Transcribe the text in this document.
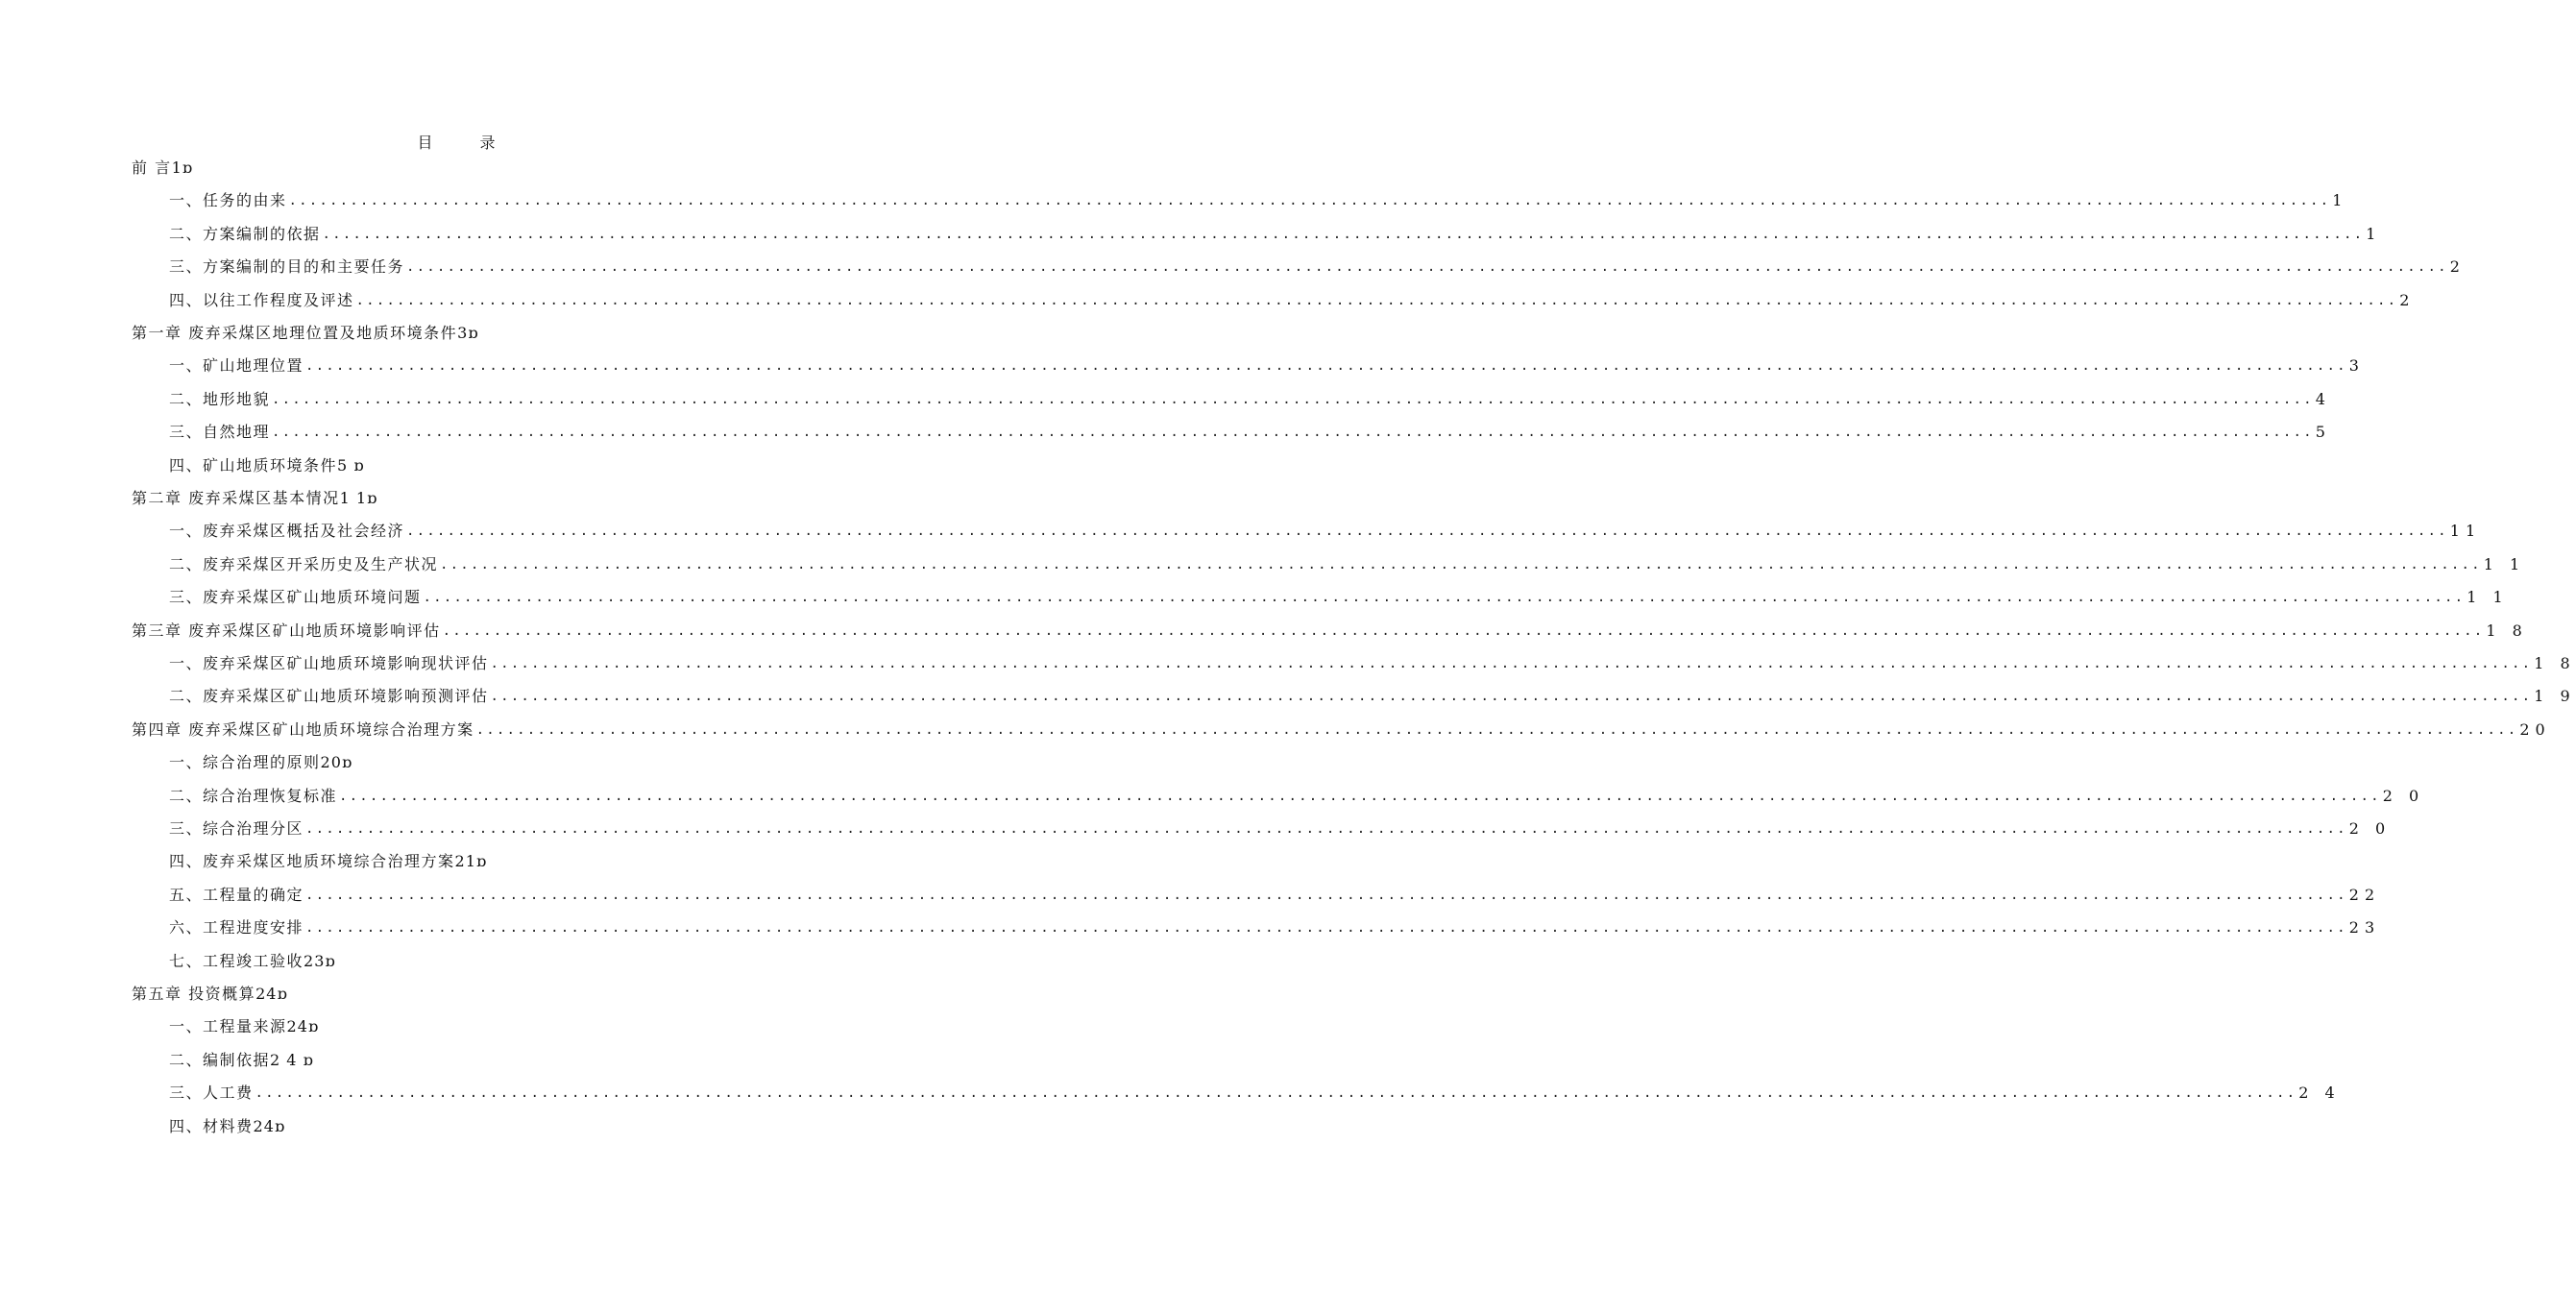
目 录
前 言 1ɒ
一、任务的由来 ........................................................................................................................................................................................................ 1
二、方案编制的依据 ........................................................................................................................................................................................................ 1
三、方案编制的目的和主要任务 ........................................................................................................................................................................................................ 2
四、以往工作程度及评述 ........................................................................................................................................................................................................ 2
第一章 废弃采煤区地理位置及地质环境条件 3ɒ
一、矿山地理位置 ........................................................................................................................................................................................................ 3
二、地形地貌 ........................................................................................................................................................................................................ 4
三、自然地理 ........................................................................................................................................................................................................ 5
四、矿山地质环境条件 5 ɒ
第二章 废弃采煤区基本情况 1 1ɒ
一、废弃采煤区概括及社会经济 ........................................................................................................................................................................................................ 11
二、废弃采煤区开采历史及生产状况 ........................................................................................................................................................................................................ 1 1
三、废弃采煤区矿山地质环境问题 ........................................................................................................................................................................................................ 1 1
第三章 废弃采煤区矿山地质环境影响评估 ........................................................................................................................................................................................................ 1 8
一、废弃采煤区矿山地质环境影响现状评估 ........................................................................................................................................................................................................ 1 8
二、废弃采煤区矿山地质环境影响预测评估 ........................................................................................................................................................................................................ 1 9
第四章 废弃采煤区矿山地质环境综合治理方案 ........................................................................................................................................................................................................ 20
一、综合治理的原则 20ɒ
二、综合治理恢复标准 ........................................................................................................................................................................................................ 2 0
三、综合治理分区 ........................................................................................................................................................................................................ 2 0
四、废弃采煤区地质环境综合治理方案 21ɒ
五、工程量的确定 ........................................................................................................................................................................................................ 22
六、工程进度安排 ........................................................................................................................................................................................................ 23
七、工程竣工验收 23ɒ
第五章 投资概算 24ɒ
一、工程量来源 24ɒ
二、编制依据 2 4 ɒ
三、人工费 ........................................................................................................................................................................................................ 2 4
四、材料费 24ɒ
